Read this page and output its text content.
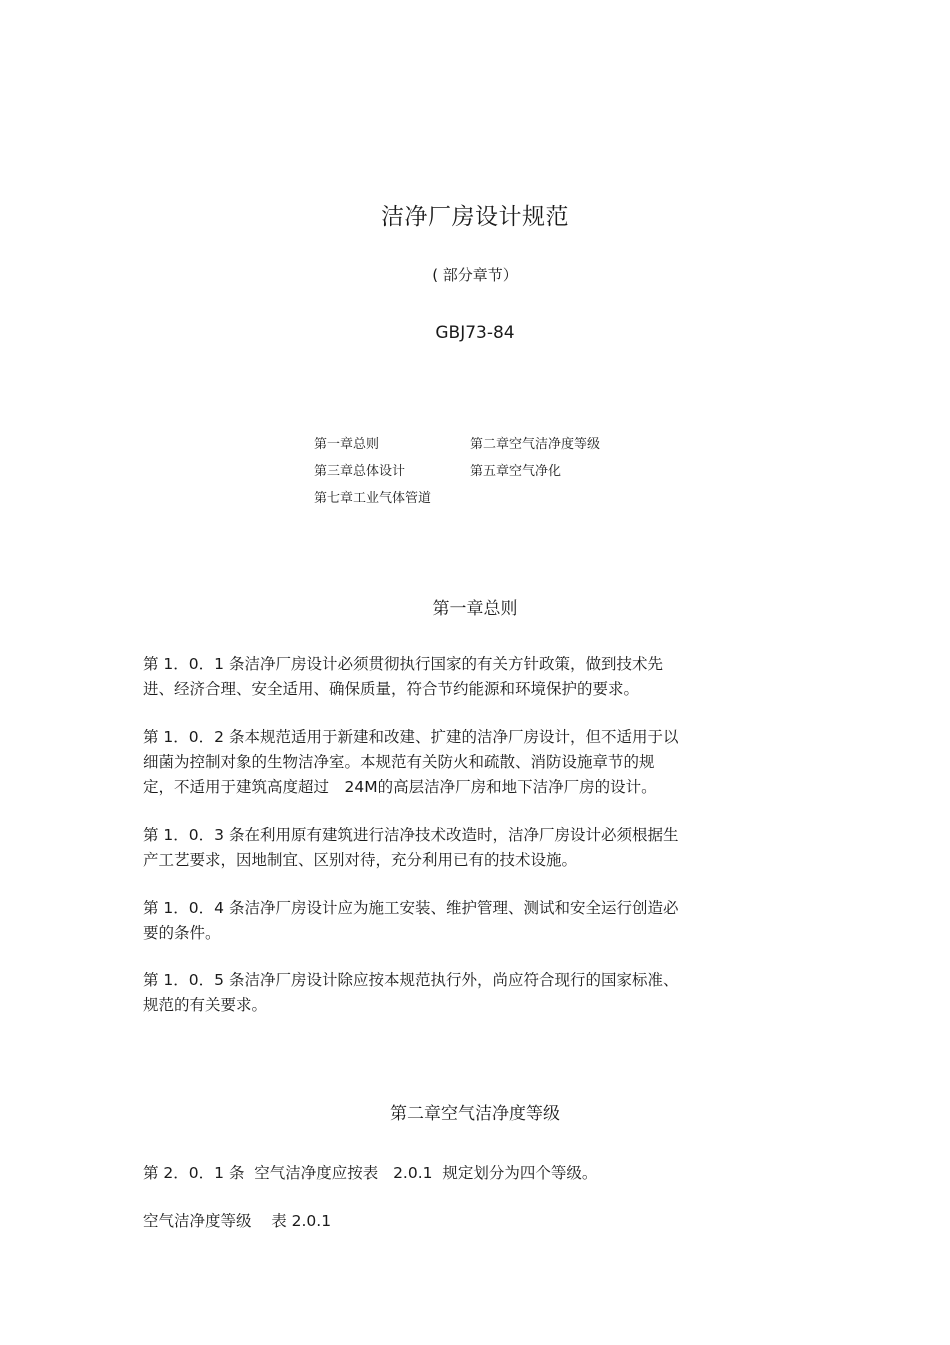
洁净厂房设计规范
( 部分章节）
GBJ73-84
第一章总则	第二章空气洁净度等级
第三章总体设计	第五章空气净化
第七章工业气体管道
第一章总则
第 1．0．1 条洁净厂房设计必须贯彻执行国家的有关方针政策，做到技术先
进、经济合理、安全适用、确保质量，符合节约能源和环境保护的要求。
第 1．0．2 条本规范适用于新建和改建、扩建的洁净厂房设计，但不适用于以
细菌为控制对象的生物洁净室。本规范有关防火和疏散、消防设施章节的规
定，不适用于建筑高度超过　24M的高层洁净厂房和地下洁净厂房的设计。
第 1．0．3 条在利用原有建筑进行洁净技术改造时，洁净厂房设计必须根据生
产工艺要求，因地制宜、区别对待，充分利用已有的技术设施。
第 1．0．4 条洁净厂房设计应为施工安装、维护管理、测试和安全运行创造必
要的条件。
第 1．0．5 条洁净厂房设计除应按本规范执行外，尚应符合现行的国家标准、
规范的有关要求。
第二章空气洁净度等级
第 2．0．1 条  空气洁净度应按表   2.0.1  规定划分为四个等级。
空气洁净度等级    表 2.0.1
